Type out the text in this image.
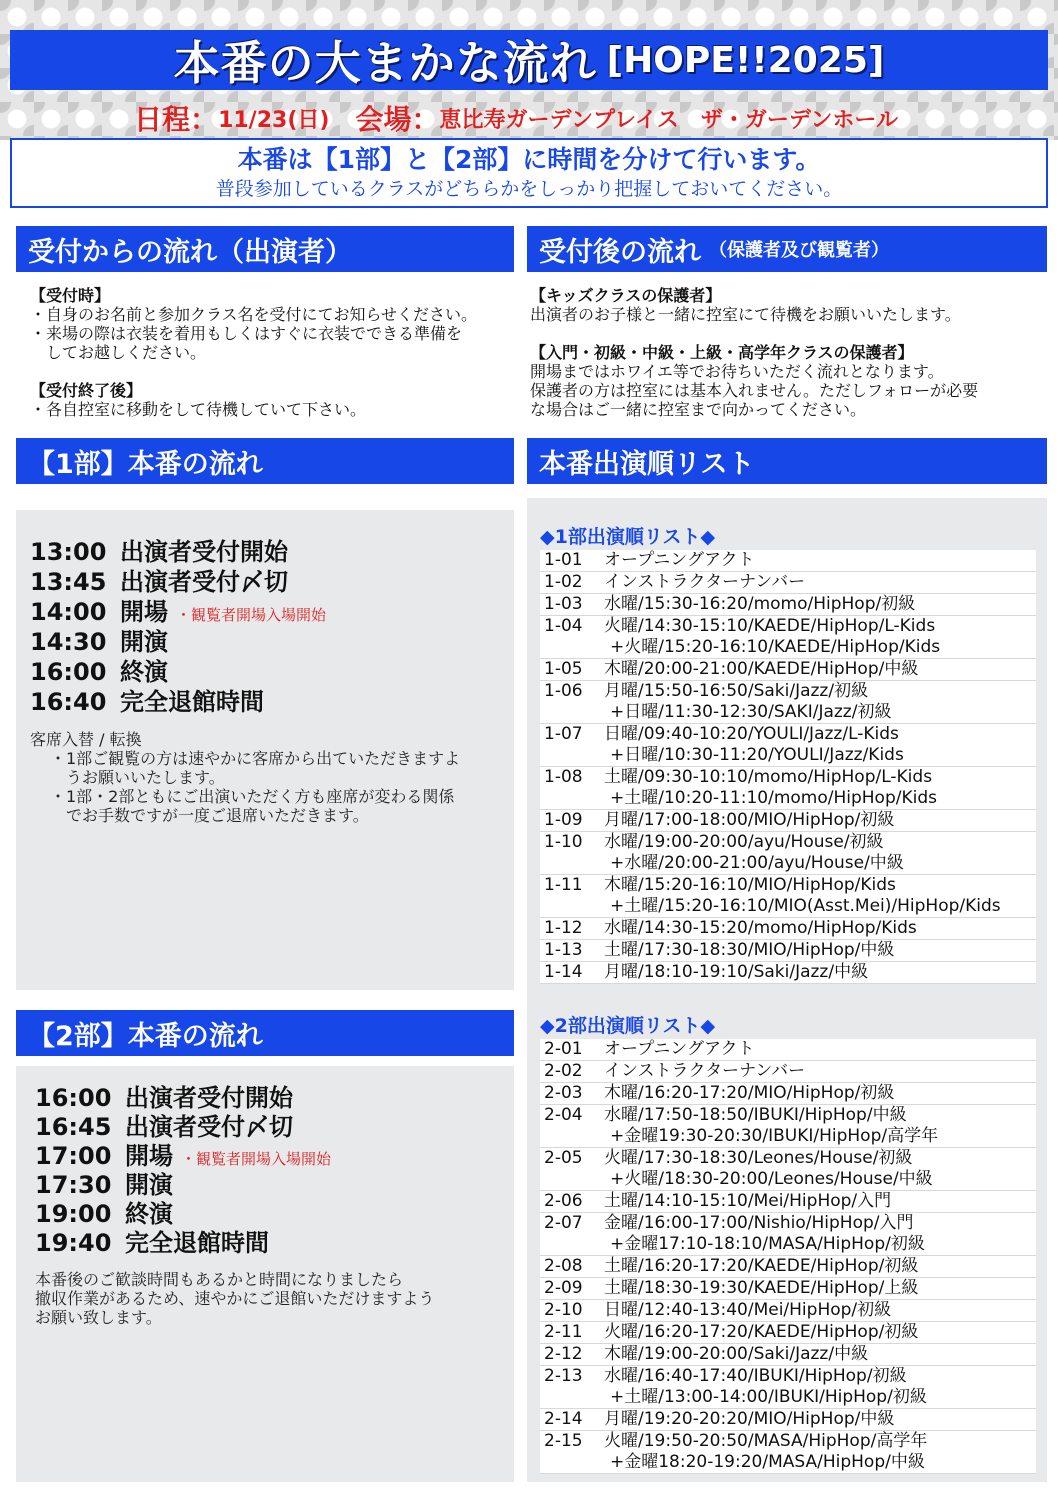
本番の大まかな流れ [HOPE!!2025]
日程： 11/23(日) 会場： 恵比寿ガーデンプレイス　ザ・ガーデンホール
本番は【1部】と【2部】に時間を分けて行います。
普段参加しているクラスがどちらかをしっかり把握しておいてください。
受付からの流れ（出演者）
【受付時】
・自身のお名前と参加クラス名を受付にてお知らせください。
・来場の際は衣装を着用もしくはすぐに衣装でできる準備を
してお越しください。
【受付終了後】
・各自控室に移動をして待機していて下さい。
受付後の流れ （保護者及び観覧者）
【キッズクラスの保護者】
出演者のお子様と一緒に控室にて待機をお願いいたします。
【入門・初級・中級・上級・高学年クラスの保護者】
開場まではホワイエ等でお待ちいただく流れとなります。
保護者の方は控室には基本入れません。ただしフォローが必要
な場合はご一緒に控室まで向かってください。
【1部】本番の流れ
13:00 出演者受付開始
13:45 出演者受付〆切
14:00 開場 ・観覧者開場入場開始
14:30 開演
16:00 終演
16:40 完全退館時間
客席入替 / 転換
・1部ご観覧の方は速やかに客席から出ていただきますよ
うお願いいたします。
・1部・2部ともにご出演いただく方も座席が変わる関係
でお手数ですが一度ご退席いただきます。
【2部】本番の流れ
16:00 出演者受付開始
16:45 出演者受付〆切
17:00 開場 ・観覧者開場入場開始
17:30 開演
19:00 終演
19:40 完全退館時間
本番後のご歓談時間もあるかと時間になりましたら
撤収作業があるため、速やかにご退館いただけますよう
お願い致します。
本番出演順リスト
◆1部出演順リスト◆
1-01	オープニングアクト
1-02	インストラクターナンバー
1-03	水曜/15:30-16:20/momo/HipHop/初級
1-04	火曜/14:30-15:10/KAEDE/HipHop/L-Kids
+火曜/15:20-16:10/KAEDE/HipHop/Kids
1-05	木曜/20:00-21:00/KAEDE/HipHop/中級
1-06	月曜/15:50-16:50/Saki/Jazz/初級
+日曜/11:30-12:30/SAKI/Jazz/初級
1-07	日曜/09:40-10:20/YOULI/Jazz/L-Kids
+日曜/10:30-11:20/YOULI/Jazz/Kids
1-08	土曜/09:30-10:10/momo/HipHop/L-Kids
+土曜/10:20-11:10/momo/HipHop/Kids
1-09	月曜/17:00-18:00/MIO/HipHop/初級
1-10	水曜/19:00-20:00/ayu/House/初級
+水曜/20:00-21:00/ayu/House/中級
1-11	木曜/15:20-16:10/MIO/HipHop/Kids
+土曜/15:20-16:10/MIO(Asst.Mei)/HipHop/Kids
1-12	水曜/14:30-15:20/momo/HipHop/Kids
1-13	土曜/17:30-18:30/MIO/HipHop/中級
1-14	月曜/18:10-19:10/Saki/Jazz/中級
◆2部出演順リスト◆
2-01	オープニングアクト
2-02	インストラクターナンバー
2-03	木曜/16:20-17:20/MIO/HipHop/初級
2-04	水曜/17:50-18:50/IBUKI/HipHop/中級
+金曜19:30-20:30/IBUKI/HipHop/高学年
2-05	火曜/17:30-18:30/Leones/House/初級
+火曜/18:30-20:00/Leones/House/中級
2-06	土曜/14:10-15:10/Mei/HipHop/入門
2-07	金曜/16:00-17:00/Nishio/HipHop/入門
+金曜17:10-18:10/MASA/HipHop/初級
2-08	土曜/16:20-17:20/KAEDE/HipHop/初級
2-09	土曜/18:30-19:30/KAEDE/HipHop/上級
2-10	日曜/12:40-13:40/Mei/HipHop/初級
2-11	火曜/16:20-17:20/KAEDE/HipHop/初級
2-12	木曜/19:00-20:00/Saki/Jazz/中級
2-13	水曜/16:40-17:40/IBUKI/HipHop/初級
+土曜/13:00-14:00/IBUKI/HipHop/初級
2-14	月曜/19:20-20:20/MIO/HipHop/中級
2-15	火曜/19:50-20:50/MASA/HipHop/高学年
+金曜18:20-19:20/MASA/HipHop/中級
